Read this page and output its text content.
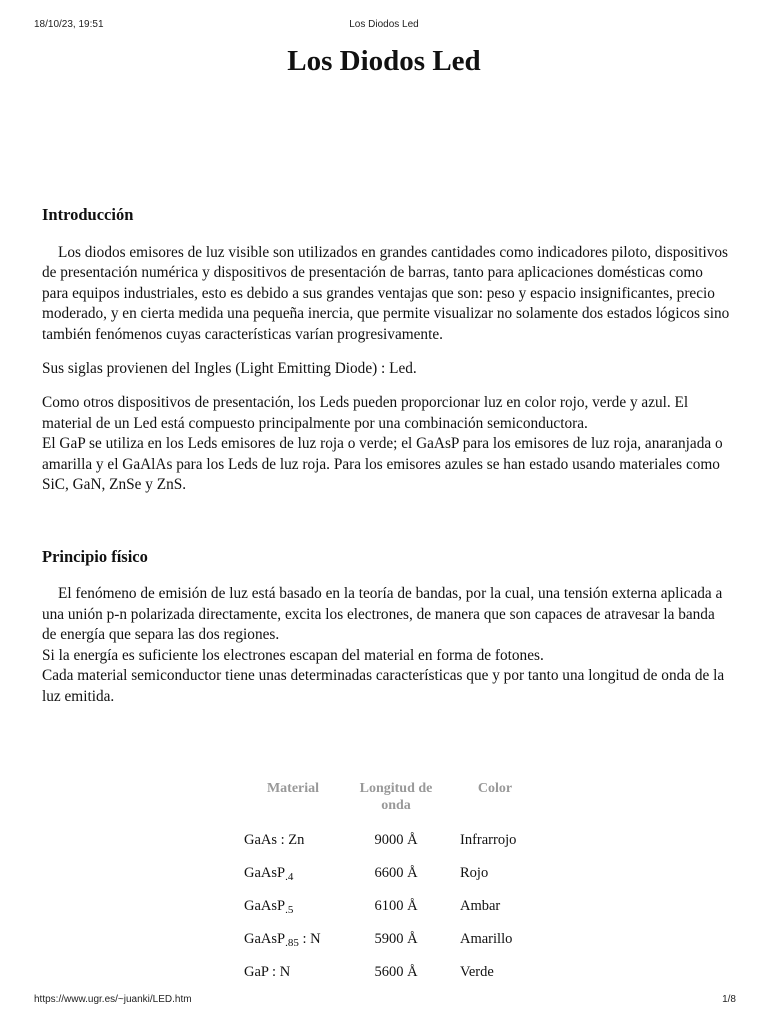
18/10/23, 19:51	Los Diodos Led
Los Diodos Led
Introducción

Los diodos emisores de luz visible son utilizados en grandes cantidades como indicadores piloto, dispositivos de presentación numérica y dispositivos de presentación de barras, tanto para aplicaciones domésticas como para equipos industriales, esto es debido a sus grandes ventajas que son: peso y espacio insignificantes, precio moderado, y en cierta medida una pequeña inercia, que permite visualizar no solamente dos estados lógicos sino también fenómenos cuyas características varían progresivamente.

Sus siglas provienen del Ingles (Light Emitting Diode) : Led.

Como otros dispositivos de presentación, los Leds pueden proporcionar luz en color rojo, verde y azul. El material de un Led está compuesto principalmente por una combinación semiconductora.
El GaP se utiliza en los Leds emisores de luz roja o verde; el GaAsP para los emisores de luz roja, anaranjada o amarilla y el GaAlAs para los Leds de luz roja. Para los emisores azules se han estado usando materiales como SiC, GaN, ZnSe y ZnS.

Principio físico

El fenómeno de emisión de luz está basado en la teoría de bandas, por la cual, una tensión externa aplicada a una unión p-n polarizada directamente, excita los electrones, de manera que son capaces de atravesar la banda de energía que separa las dos regiones.
Si la energía es suficiente los electrones escapan del material en forma de fotones.
Cada material semiconductor tiene unas determinadas características que y por tanto una longitud de onda de la luz emitida.

Material	Longitud de onda	Color
GaAs : Zn	9000 Å	Infrarrojo
GaAsP$_{.4}$	6600 Å	Rojo
GaAsP$_{.5}$	6100 Å	Ambar
GaAsP$_{.85}$ : N	5900 Å	Amarillo
GaP : N	5600 Å	Verde
https://www.ugr.es/~juanki/LED.htm	1/8
